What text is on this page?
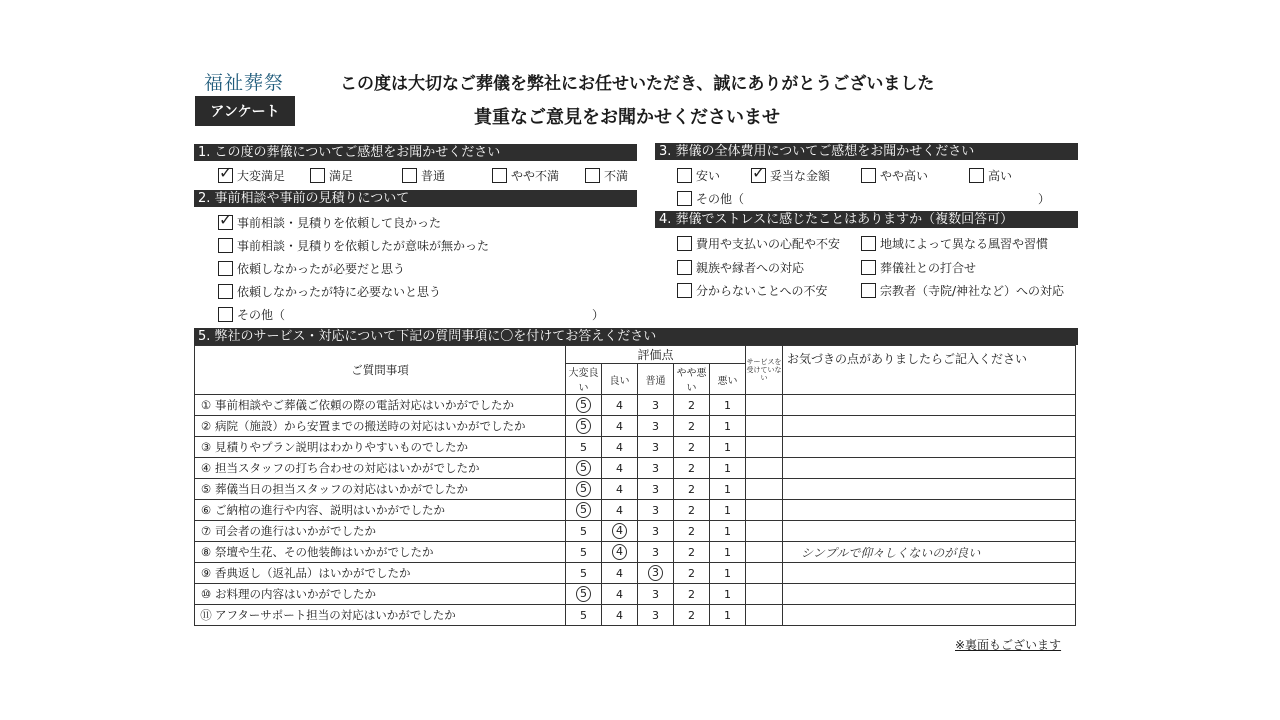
福祉葬祭
アンケート
この度は大切なご葬儀を弊社にお任せいただき、誠にありがとうございました
貴重なご意見をお聞かせくださいませ
1. この度の葬儀についてご感想をお聞かせください
✓
大変満足	満足	普通	やや不満	不満
2. 事前相談や事前の見積りについて
✓
事前相談・見積りを依頼して良かった
事前相談・見積りを依頼したが意味が無かった
依頼しなかったが必要だと思う
依頼しなかったが特に必要ないと思う
その他（	）
3. 葬儀の全体費用についてご感想をお聞かせください
安い ✓	妥当な金額	やや高い	高い
その他（	）
4. 葬儀でストレスに感じたことはありますか（複数回答可）
費用や支払いの心配や不安	地域によって異なる風習や習慣
親族や縁者への対応	葬儀社との打合せ
分からないことへの不安	宗教者（寺院/神社など）への対応
5. 弊社のサービス・対応について下記の質問事項に〇を付けてお答えください
ご質問事項	評価点					サービスを受けていない	お気づきの点がありましたらご記入ください
	大変良い	良い	普通	やや悪い	悪い		
① 事前相談やご葬儀ご依頼の際の電話対応はいかがでしたか	5	4	3	2	1		
② 病院（施設）から安置までの搬送時の対応はいかがでしたか	5	4	3	2	1		
③ 見積りやプラン説明はわかりやすいものでしたか	5	4	3	2	1		
④ 担当スタッフの打ち合わせの対応はいかがでしたか	5	4	3	2	1		
⑤ 葬儀当日の担当スタッフの対応はいかがでしたか	5	4	3	2	1		
⑥ ご納棺の進行や内容、説明はいかがでしたか	5	4	3	2	1		
⑦ 司会者の進行はいかがでしたか	5	4	3	2	1		
⑧ 祭壇や生花、その他装飾はいかがでしたか	5	4	3	2	1		シンプルで仰々しくないのが良い
⑨ 香典返し（返礼品）はいかがでしたか	5	4	3	2	1		
⑩ お料理の内容はいかがでしたか	5	4	3	2	1		
⑪ アフターサポート担当の対応はいかがでしたか	5	4	3	2	1		
※裏面もございます
